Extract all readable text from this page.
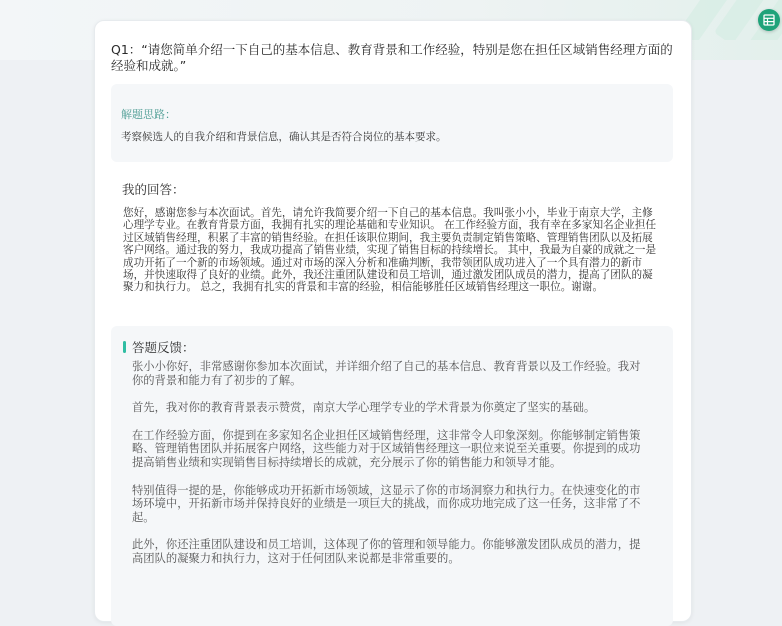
Q1：“请您简单介绍一下自己的基本信息、教育背景和工作经验，特别是您在担任区域销售经理方面的经验和成就。”
解题思路：
考察候选人的自我介绍和背景信息，确认其是否符合岗位的基本要求。
我的回答：
您好，感谢您参与本次面试。首先，请允许我简要介绍一下自己的基本信息。我叫张小小，毕业于南京大学，主修心理学专业。在教育背景方面，我拥有扎实的理论基础和专业知识。 在工作经验方面，我有幸在多家知名企业担任过区域销售经理，积累了丰富的销售经验。在担任该职位期间，我主要负责制定销售策略、管理销售团队以及拓展客户网络。通过我的努力，我成功提高了销售业绩，实现了销售目标的持续增长。 其中，我最为自豪的成就之一是成功开拓了一个新的市场领域。通过对市场的深入分析和准确判断，我带领团队成功进入了一个具有潜力的新市场，并快速取得了良好的业绩。此外，我还注重团队建设和员工培训，通过激发团队成员的潜力，提高了团队的凝聚力和执行力。 总之，我拥有扎实的背景和丰富的经验，相信能够胜任区域销售经理这一职位。谢谢。
答题反馈：

张小小你好，非常感谢你参加本次面试，并详细介绍了自己的基本信息、教育背景以及工作经验。我对你的背景和能力有了初步的了解。

首先，我对你的教育背景表示赞赏，南京大学心理学专业的学术背景为你奠定了坚实的基础。

在工作经验方面，你提到在多家知名企业担任区域销售经理，这非常令人印象深刻。你能够制定销售策略、管理销售团队并拓展客户网络，这些能力对于区域销售经理这一职位来说至关重要。你提到的成功提高销售业绩和实现销售目标持续增长的成就，充分展示了你的销售能力和领导才能。

特别值得一提的是，你能够成功开拓新市场领域，这显示了你的市场洞察力和执行力。在快速变化的市场环境中，开拓新市场并保持良好的业绩是一项巨大的挑战，而你成功地完成了这一任务，这非常了不起。

此外，你还注重团队建设和员工培训，这体现了你的管理和领导能力。你能够激发团队成员的潜力，提高团队的凝聚力和执行力，这对于任何团队来说都是非常重要的。
